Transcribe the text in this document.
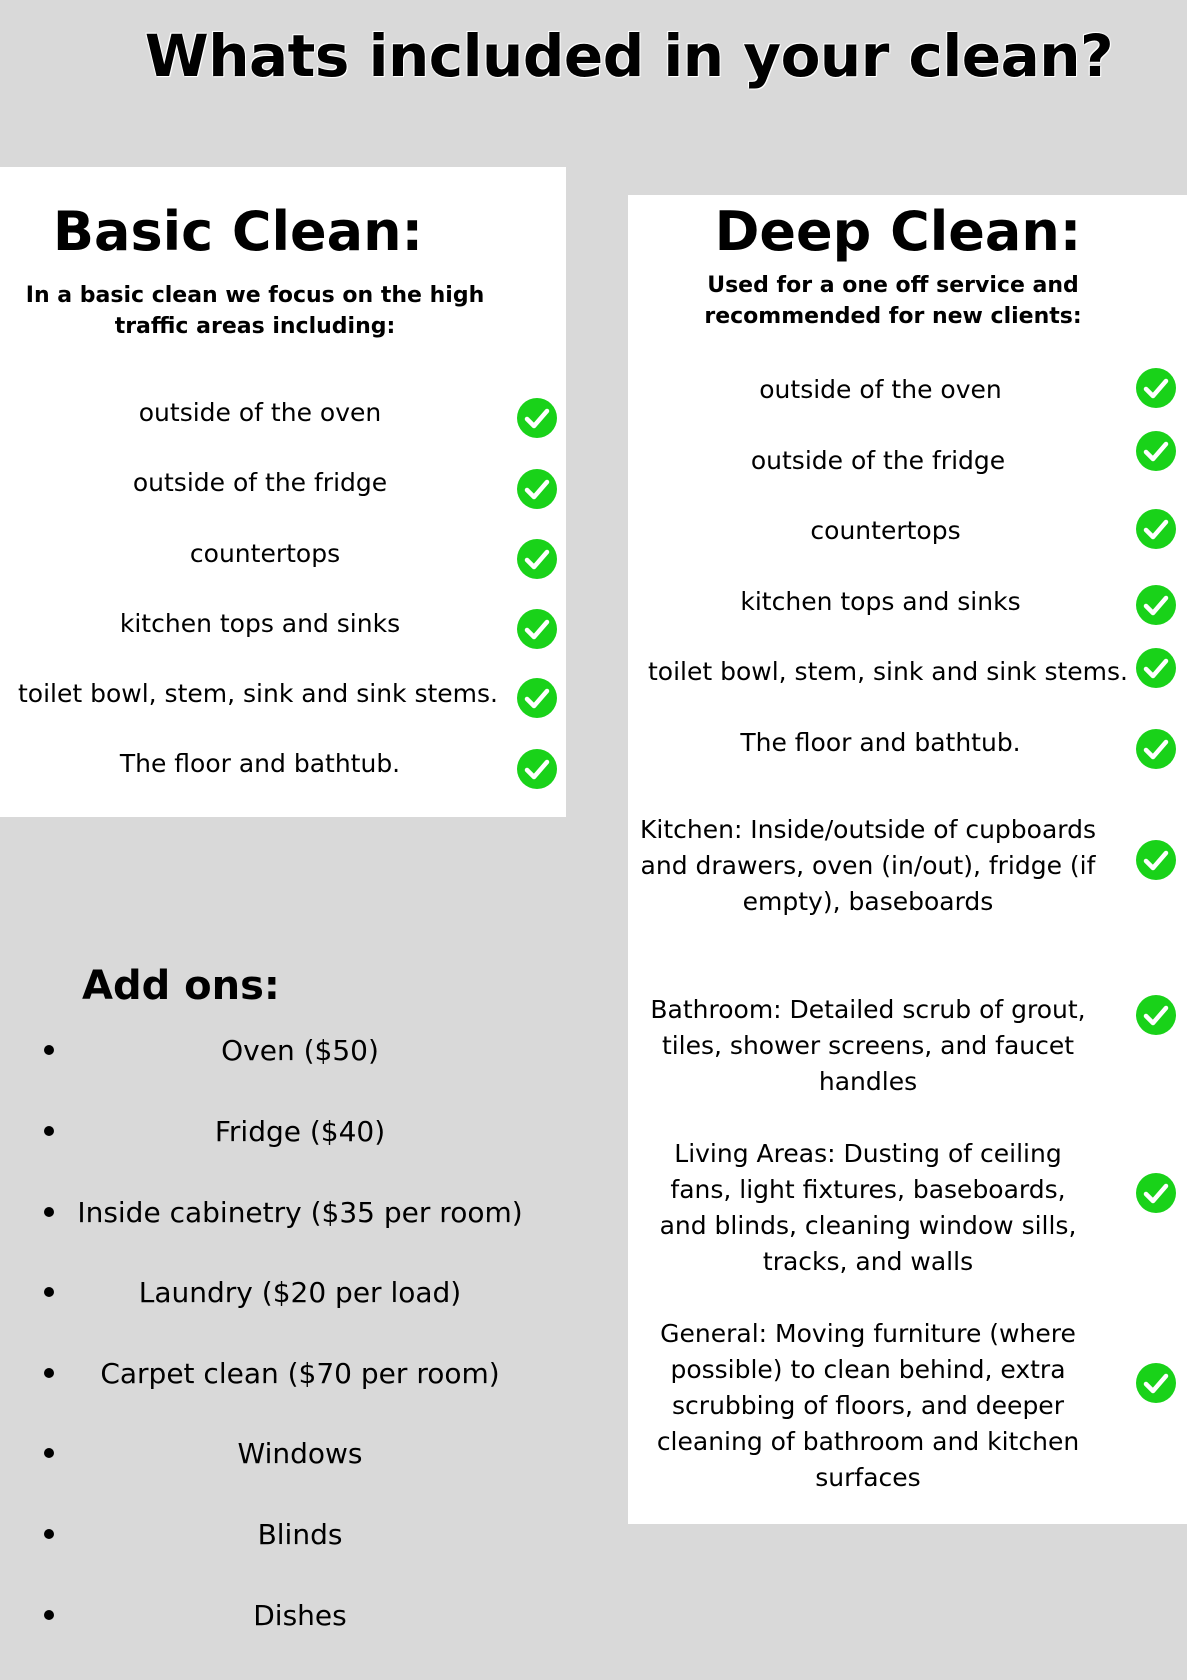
Whats included in your clean?
Basic Clean:
In a basic clean we focus on the high traffic areas including:
outside of the oven
outside of the fridge
countertops
kitchen tops and sinks
toilet bowl, stem, sink and sink stems.
The floor and bathtub.
Deep Clean:
Used for a one off service and recommended for new clients:
outside of the oven
outside of the fridge
countertops
kitchen tops and sinks
toilet bowl, stem, sink and sink stems.
The floor and bathtub.
Kitchen: Inside/outside of cupboards and drawers, oven (in/out), fridge (if empty), baseboards
Bathroom: Detailed scrub of grout, tiles, shower screens, and faucet handles
Living Areas: Dusting of ceiling fans, light fixtures, baseboards, and blinds, cleaning window sills, tracks, and walls
General: Moving furniture (where possible) to clean behind, extra scrubbing of floors, and deeper cleaning of bathroom and kitchen surfaces
Add ons:
Oven ($50)
Fridge ($40)
Inside cabinetry ($35 per room)
Laundry ($20 per load)
Carpet clean ($70 per room)
Windows
Blinds
Dishes
